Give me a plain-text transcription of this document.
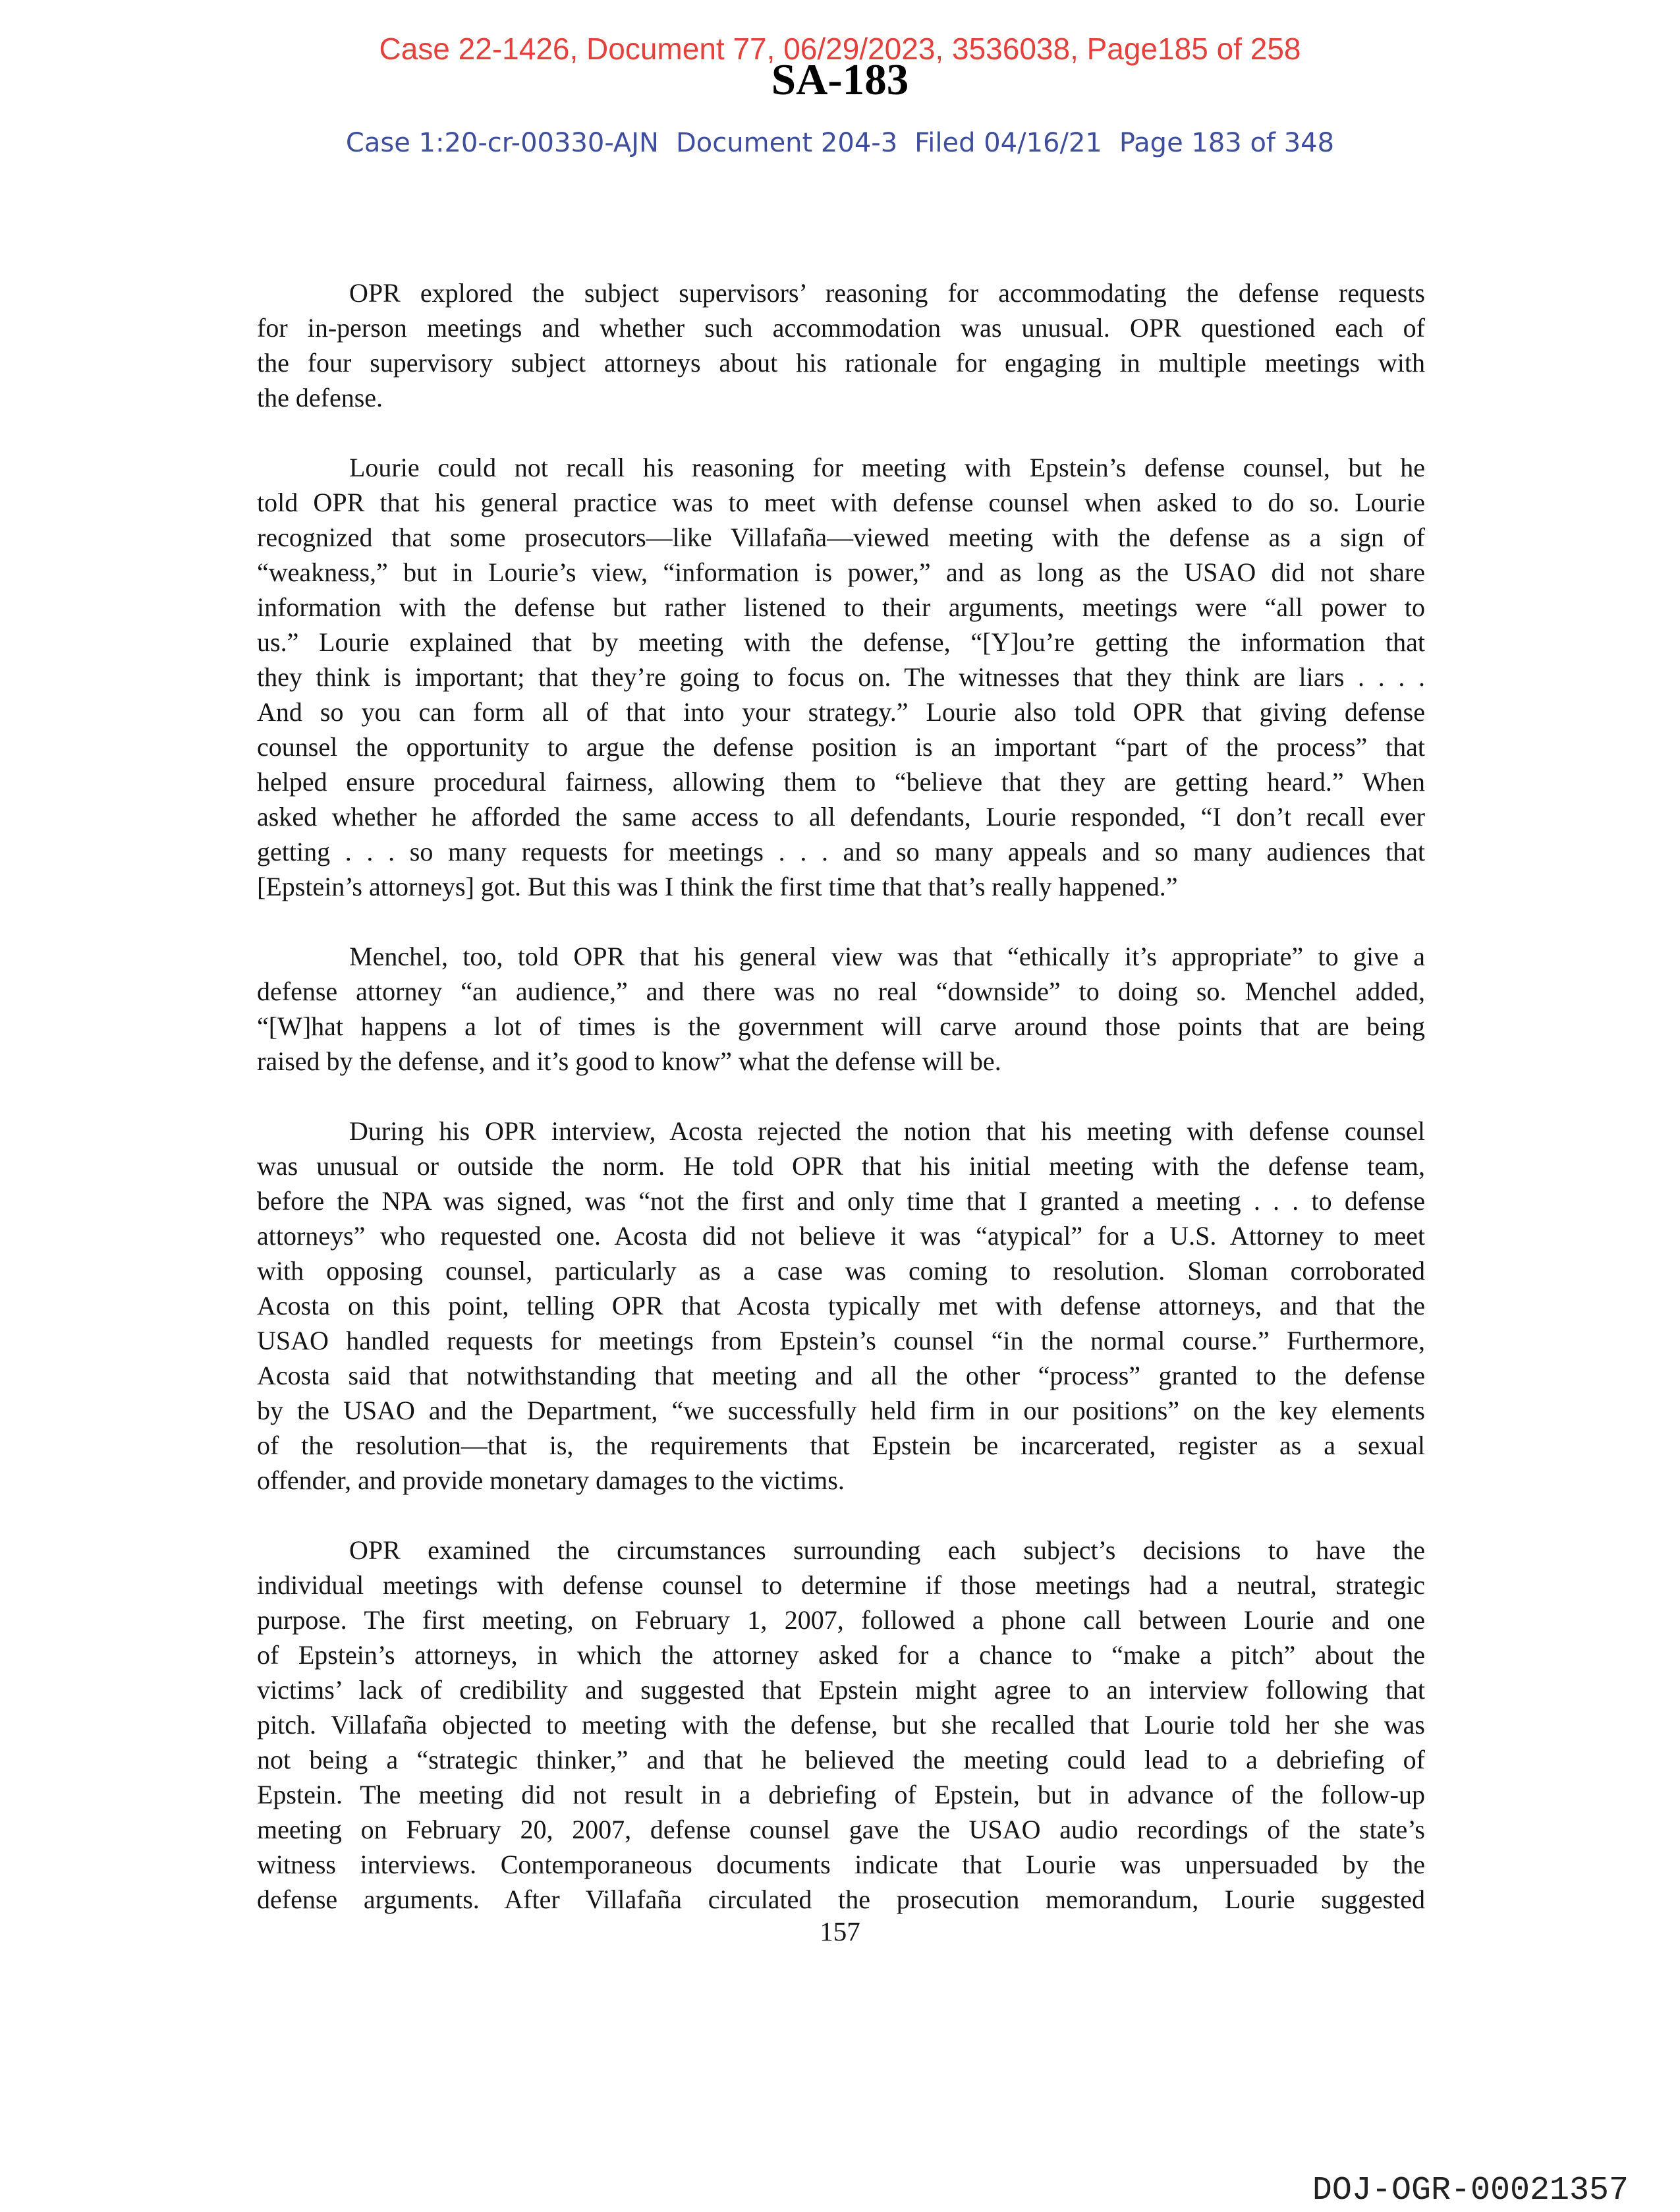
Case 22-1426, Document 77, 06/29/2023, 3536038, Page185 of 258
SA-183
Case 1:20-cr-00330-AJN Document 204-3 Filed 04/16/21 Page 183 of 348
OPR explored the subject supervisors’ reasoning for accommodating the defense requests
for in-person meetings and whether such accommodation was unusual. OPR questioned each of
the four supervisory subject attorneys about his rationale for engaging in multiple meetings with
the defense.
Lourie could not recall his reasoning for meeting with Epstein’s defense counsel, but he
told OPR that his general practice was to meet with defense counsel when asked to do so. Lourie
recognized that some prosecutors—like Villafaña—viewed meeting with the defense as a sign of
“weakness,” but in Lourie’s view, “information is power,” and as long as the USAO did not share
information with the defense but rather listened to their arguments, meetings were “all power to
us.” Lourie explained that by meeting with the defense, “[Y]ou’re getting the information that
they think is important; that they’re going to focus on. The witnesses that they think are liars . . . .
And so you can form all of that into your strategy.” Lourie also told OPR that giving defense
counsel the opportunity to argue the defense position is an important “part of the process” that
helped ensure procedural fairness, allowing them to “believe that they are getting heard.” When
asked whether he afforded the same access to all defendants, Lourie responded, “I don’t recall ever
getting . . . so many requests for meetings . . . and so many appeals and so many audiences that
[Epstein’s attorneys] got. But this was I think the first time that that’s really happened.”
Menchel, too, told OPR that his general view was that “ethically it’s appropriate” to give a
defense attorney “an audience,” and there was no real “downside” to doing so. Menchel added,
“[W]hat happens a lot of times is the government will carve around those points that are being
raised by the defense, and it’s good to know” what the defense will be.
During his OPR interview, Acosta rejected the notion that his meeting with defense counsel
was unusual or outside the norm. He told OPR that his initial meeting with the defense team,
before the NPA was signed, was “not the first and only time that I granted a meeting . . . to defense
attorneys” who requested one. Acosta did not believe it was “atypical” for a U.S. Attorney to meet
with opposing counsel, particularly as a case was coming to resolution. Sloman corroborated
Acosta on this point, telling OPR that Acosta typically met with defense attorneys, and that the
USAO handled requests for meetings from Epstein’s counsel “in the normal course.” Furthermore,
Acosta said that notwithstanding that meeting and all the other “process” granted to the defense
by the USAO and the Department, “we successfully held firm in our positions” on the key elements
of the resolution—that is, the requirements that Epstein be incarcerated, register as a sexual
offender, and provide monetary damages to the victims.
OPR examined the circumstances surrounding each subject’s decisions to have the
individual meetings with defense counsel to determine if those meetings had a neutral, strategic
purpose. The first meeting, on February 1, 2007, followed a phone call between Lourie and one
of Epstein’s attorneys, in which the attorney asked for a chance to “make a pitch” about the
victims’ lack of credibility and suggested that Epstein might agree to an interview following that
pitch. Villafaña objected to meeting with the defense, but she recalled that Lourie told her she was
not being a “strategic thinker,” and that he believed the meeting could lead to a debriefing of
Epstein. The meeting did not result in a debriefing of Epstein, but in advance of the follow-up
meeting on February 20, 2007, defense counsel gave the USAO audio recordings of the state’s
witness interviews. Contemporaneous documents indicate that Lourie was unpersuaded by the
defense arguments. After Villafaña circulated the prosecution memorandum, Lourie suggested
157
DOJ-OGR-00021357
